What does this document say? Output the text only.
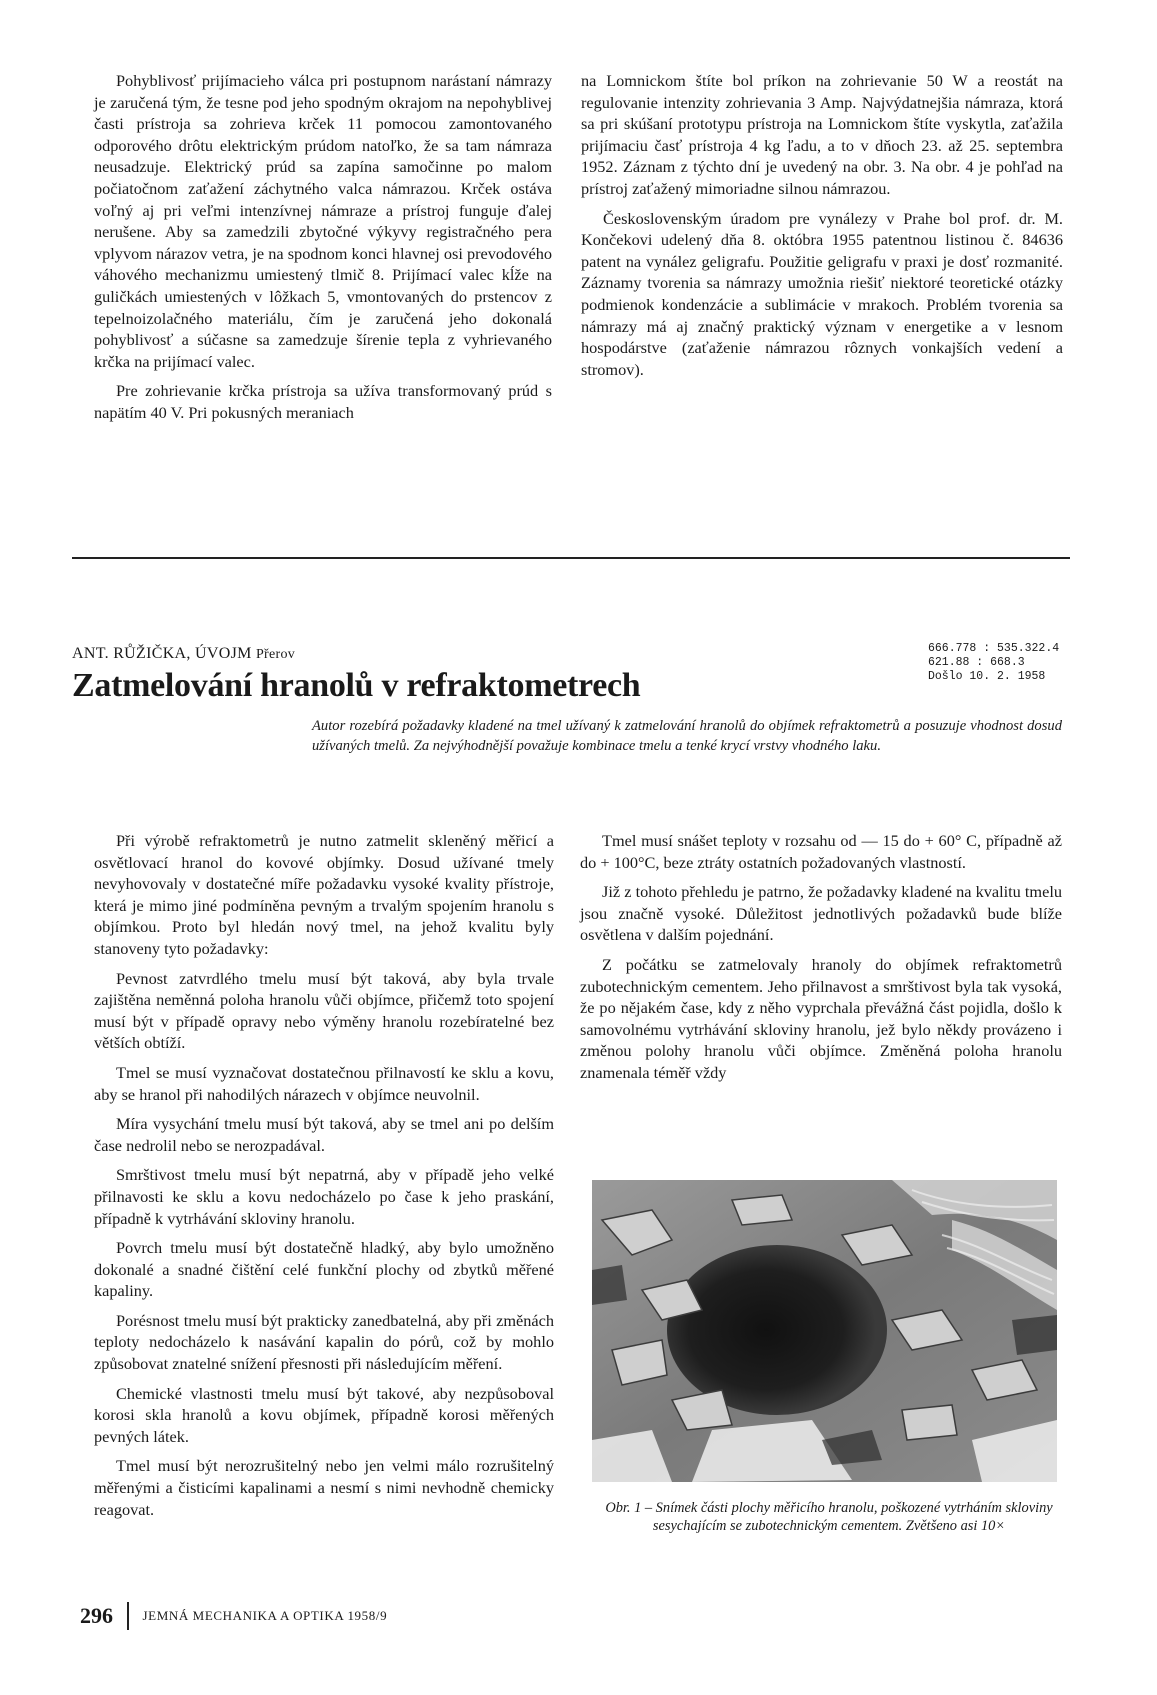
Pohyblivosť prijímacieho válca pri postupnom narástaní námrazy je zaručená tým, že tesne pod jeho spodným okrajom na nepohyblivej časti prístroja sa zohrieva krček 11 pomocou zamontovaného odporového drôtu elektrickým prúdom natoľko, že sa tam námraza neusadzuje. Elektrický prúd sa zapína samočinne po malom počiatočnom zaťažení záchytného valca námrazou. Krček ostáva voľný aj pri veľmi intenzívnej námraze a prístroj funguje ďalej nerušene. Aby sa zamedzili zbytočné výkyvy registračného pera vplyvom nárazov vetra, je na spodnom konci hlavnej osi prevodového váhového mechanizmu umiestený tlmič 8. Prijímací valec kĺže na guličkách umiestených v lôžkach 5, vmontovaných do prstencov z tepelnoizolačného materiálu, čím je zaručená jeho dokonalá pohyblivosť a súčasne sa zamedzuje šírenie tepla z vyhrievaného krčka na prijímací valec.

Pre zohrievanie krčka prístroja sa užíva transformovaný prúd s napätím 40 V. Pri pokusných meraniach

na Lomnickom štíte bol príkon na zohrievanie 50 W a reostát na regulovanie intenzity zohrievania 3 Amp. Najvýdatnejšia námraza, ktorá sa pri skúšaní prototypu prístroja na Lomnickom štíte vyskytla, zaťažila prijímaciu časť prístroja 4 kg ľadu, a to v dňoch 23. až 25. septembra 1952. Záznam z týchto dní je uvedený na obr. 3. Na obr. 4 je pohľad na prístroj zaťažený mimoriadne silnou námrazou.

Československým úradom pre vynálezy v Prahe bol prof. dr. M. Končekovi udelený dňa 8. októbra 1955 patentnou listinou č. 84636 patent na vynález geligrafu. Použitie geligrafu v praxi je dosť rozmanité. Záznamy tvorenia sa námrazy umožnia riešiť niektoré teoretické otázky podmienok kondenzácie a sublimácie v mrakoch. Problém tvorenia sa námrazy má aj značný praktický význam v energetike a v lesnom hospodárstve (zaťaženie námrazou rôznych vonkajších vedení a stromov).

ANT. RŮŽIČKA, ÚVOJM Přerov
Zatmelování hranolů v refraktometrech
666.778 : 535.322.4
621.88 : 668.3
Došlo 10. 2. 1958
Autor rozebírá požadavky kladené na tmel užívaný k zatmelování hranolů do objímek refraktometrů a posuzuje vhodnost dosud užívaných tmelů. Za nejvýhodnější považuje kombinace tmelu a tenké krycí vrstvy vhodného laku.

Při výrobě refraktometrů je nutno zatmelit skleněný měřicí a osvětlovací hranol do kovové objímky. Dosud užívané tmely nevyhovovaly v dostatečné míře požadavku vysoké kvality přístroje, která je mimo jiné podmíněna pevným a trvalým spojením hranolu s objímkou. Proto byl hledán nový tmel, na jehož kvalitu byly stanoveny tyto požadavky:

Pevnost zatvrdlého tmelu musí být taková, aby byla trvale zajištěna neměnná poloha hranolu vůči objímce, přičemž toto spojení musí být v případě opravy nebo výměny hranolu rozebíratelné bez větších obtíží.

Tmel se musí vyznačovat dostatečnou přilnavostí ke sklu a kovu, aby se hranol při nahodilých nárazech v objímce neuvolnil.

Míra vysychání tmelu musí být taková, aby se tmel ani po delším čase nedrolil nebo se nerozpadával.

Smrštivost tmelu musí být nepatrná, aby v případě jeho velké přilnavosti ke sklu a kovu nedocházelo po čase k jeho praskání, případně k vytrhávání skloviny hranolu.

Povrch tmelu musí být dostatečně hladký, aby bylo umožněno dokonalé a snadné čištění celé funkční plochy od zbytků měřené kapaliny.

Porésnost tmelu musí být prakticky zanedbatelná, aby při změnách teploty nedocházelo k nasávání kapalin do pórů, což by mohlo způsobovat znatelné snížení přesnosti při následujícím měření.

Chemické vlastnosti tmelu musí být takové, aby nezpůsoboval korosi skla hranolů a kovu objímek, případně korosi měřených pevných látek.

Tmel musí být nerozrušitelný nebo jen velmi málo rozrušitelný měřenými a čisticími kapalinami a nesmí s nimi nevhodně chemicky reagovat.

Tmel musí snášet teploty v rozsahu od — 15 do + 60° C, případně až do + 100°C, beze ztráty ostatních požadovaných vlastností.

Již z tohoto přehledu je patrno, že požadavky kladené na kvalitu tmelu jsou značně vysoké. Důležitost jednotlivých požadavků bude blíže osvětlena v dalším pojednání.

Z počátku se zatmelovaly hranoly do objímek refraktometrů zubotechnickým cementem. Jeho přilnavost a smrštivost byla tak vysoká, že po nějakém čase, kdy z něho vyprchala převážná část pojidla, došlo k samovolnému vytrhávání skloviny hranolu, jež bylo někdy provázeno i změnou polohy hranolu vůči objímce. Změněná poloha hranolu znamenala téměř vždy

Obr. 1 – Snímek části plochy měřicího hranolu, poškozené vytrháním skloviny sesychajícím se zubotechnickým cementem. Zvětšeno asi 10×
296 JEMNÁ MECHANIKA A OPTIKA 1958/9
